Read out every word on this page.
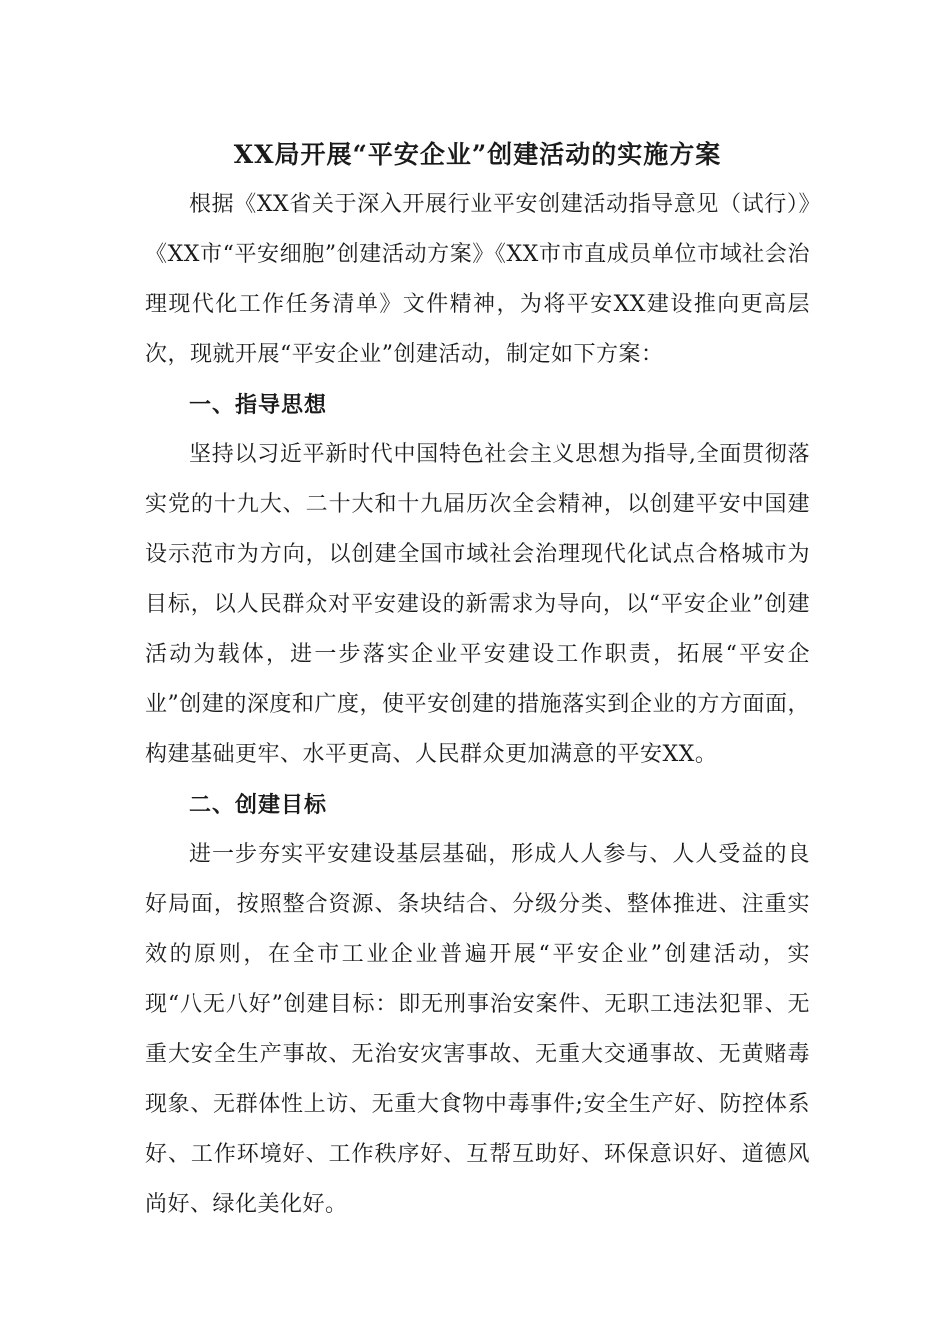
XX局开展“平安企业”创建活动的实施方案

根据《XX省关于深入开展行业平安创建活动指导意见（试行）》《XX市“平安细胞”创建活动方案》《XX市市直成员单位市域社会治理现代化工作任务清单》文件精神，为将平安XX建设推向更高层次，现就开展“平安企业”创建活动，制定如下方案：

一、指导思想

坚持以习近平新时代中国特色社会主义思想为指导,全面贯彻落实党的十九大、二十大和十九届历次全会精神，以创建平安中国建设示范市为方向，以创建全国市域社会治理现代化试点合格城市为目标，以人民群众对平安建设的新需求为导向，以“平安企业”创建活动为载体，进一步落实企业平安建设工作职责，拓展“平安企业”创建的深度和广度，使平安创建的措施落实到企业的方方面面，构建基础更牢、水平更高、人民群众更加满意的平安XX。

二、创建目标

进一步夯实平安建设基层基础，形成人人参与、人人受益的良好局面，按照整合资源、条块结合、分级分类、整体推进、注重实效的原则，在全市工业企业普遍开展“平安企业”创建活动，实现“八无八好”创建目标：即无刑事治安案件、无职工违法犯罪、无重大安全生产事故、无治安灾害事故、无重大交通事故、无黄赌毒现象、无群体性上访、无重大食物中毒事件;安全生产好、防控体系好、工作环境好、工作秩序好、互帮互助好、环保意识好、道德风尚好、绿化美化好。
